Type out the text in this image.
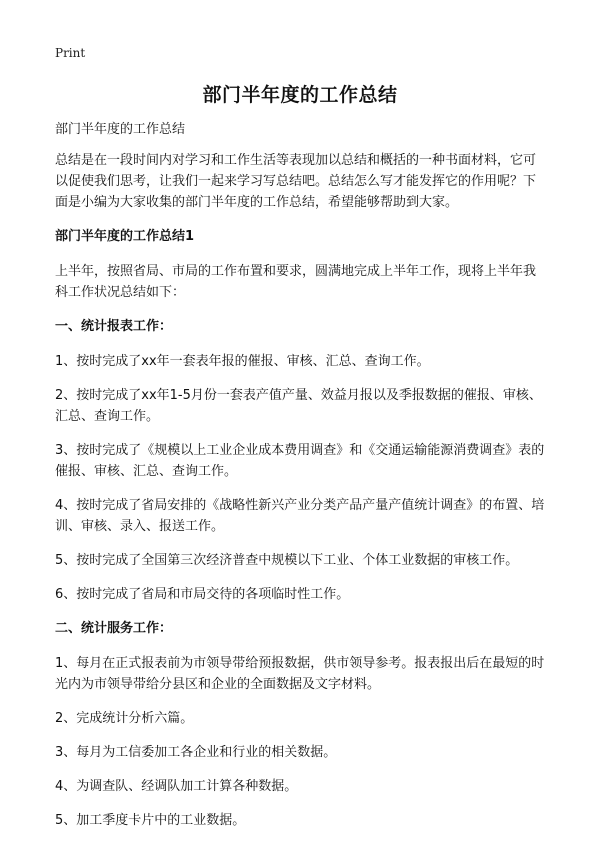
Print
部门半年度的工作总结

部门半年度的工作总结

总结是在一段时间内对学习和工作生活等表现加以总结和概括的一种书面材料，它可以促使我们思考，让我们一起来学习写总结吧。总结怎么写才能发挥它的作用呢？下面是小编为大家收集的部门半年度的工作总结，希望能够帮助到大家。

部门半年度的工作总结1

上半年，按照省局、市局的工作布置和要求，圆满地完成上半年工作，现将上半年我科工作状况总结如下：

一、统计报表工作：

1、按时完成了xx年一套表年报的催报、审核、汇总、查询工作。

2、按时完成了xx年1-5月份一套表产值产量、效益月报以及季报数据的催报、审核、汇总、查询工作。

3、按时完成了《规模以上工业企业成本费用调查》和《交通运输能源消费调查》表的催报、审核、汇总、查询工作。

4、按时完成了省局安排的《战略性新兴产业分类产品产量产值统计调查》的布置、培训、审核、录入、报送工作。

5、按时完成了全国第三次经济普查中规模以下工业、个体工业数据的审核工作。

6、按时完成了省局和市局交待的各项临时性工作。

二、统计服务工作：

1、每月在正式报表前为市领导带给预报数据，供市领导参考。报表报出后在最短的时光内为市领导带给分县区和企业的全面数据及文字材料。

2、完成统计分析六篇。

3、每月为工信委加工各企业和行业的相关数据。

4、为调查队、经调队加工计算各种数据。

5、加工季度卡片中的工业数据。
